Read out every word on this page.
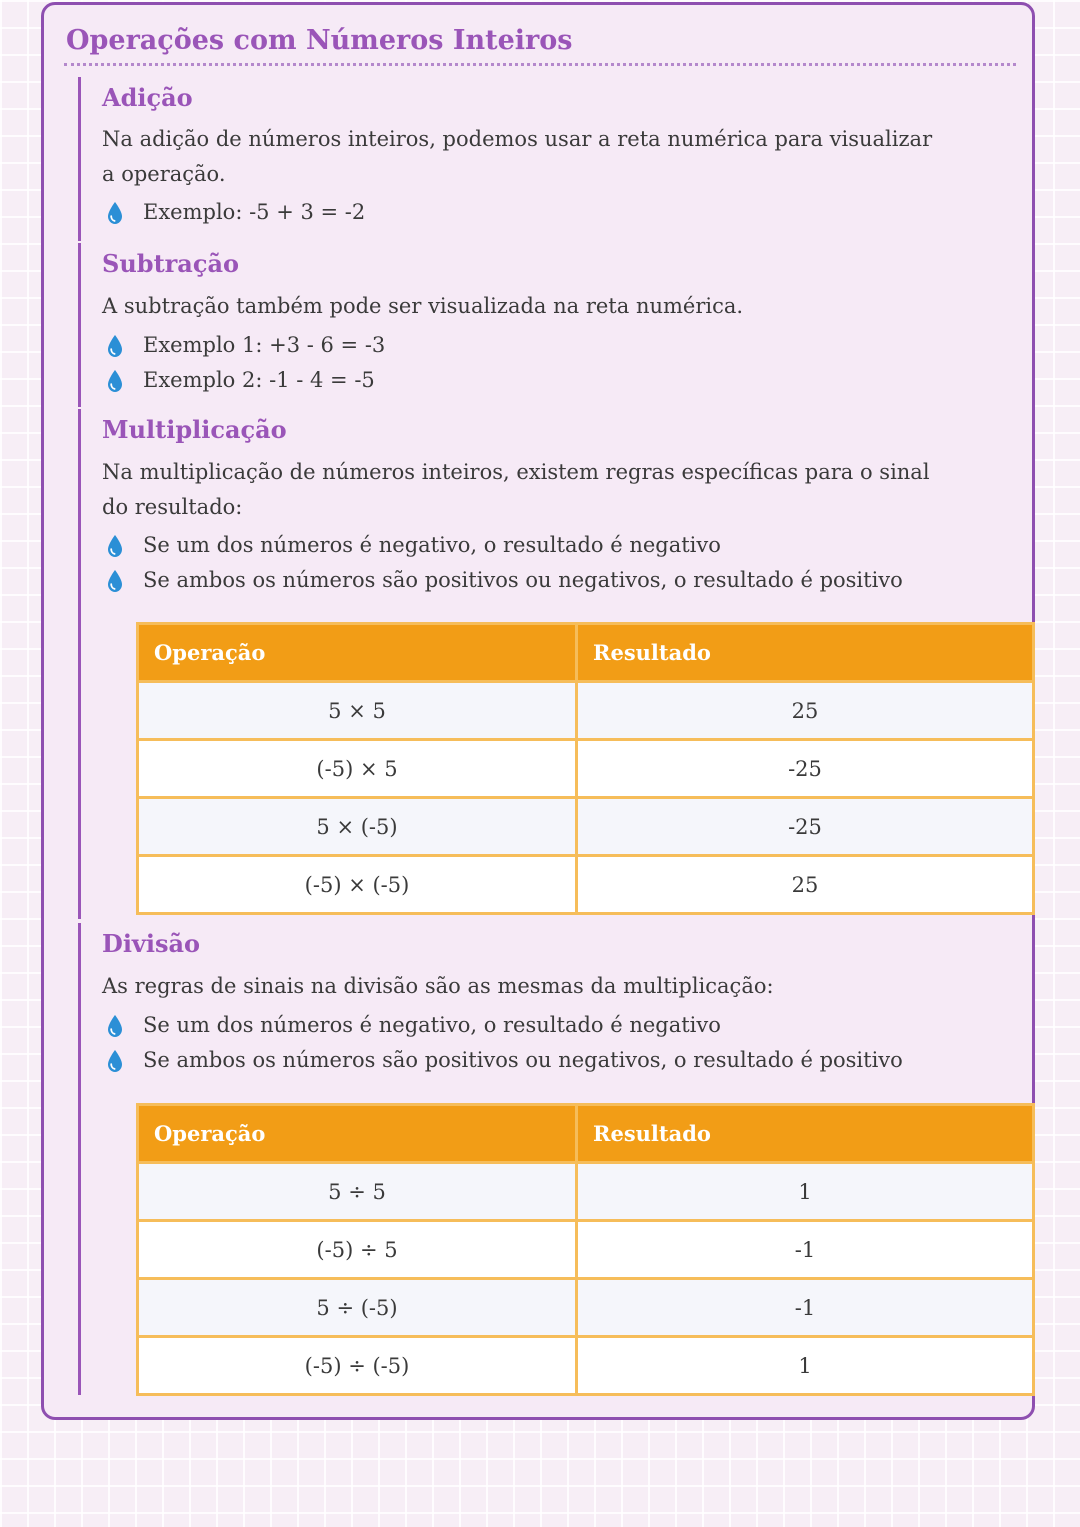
Operações com Números Inteiros
Adição

Na adição de números inteiros, podemos usar a reta numérica para visualizar a operação.

Exemplo: -5 + 3 = -2
Subtração

A subtração também pode ser visualizada na reta numérica.

Exemplo 1: +3 - 6 = -3
Exemplo 2: -1 - 4 = -5
Multiplicação

Na multiplicação de números inteiros, existem regras específicas para o sinal do resultado:

Se um dos números é negativo, o resultado é negativo
Se ambos os números são positivos ou negativos, o resultado é positivo
Operação	Resultado
5 × 5	25
(-5) × 5	-25
5 × (-5)	-25
(-5) × (-5)	25
Divisão

As regras de sinais na divisão são as mesmas da multiplicação:

Se um dos números é negativo, o resultado é negativo
Se ambos os números são positivos ou negativos, o resultado é positivo
Operação	Resultado
5 ÷ 5	1
(-5) ÷ 5	-1
5 ÷ (-5)	-1
(-5) ÷ (-5)	1
